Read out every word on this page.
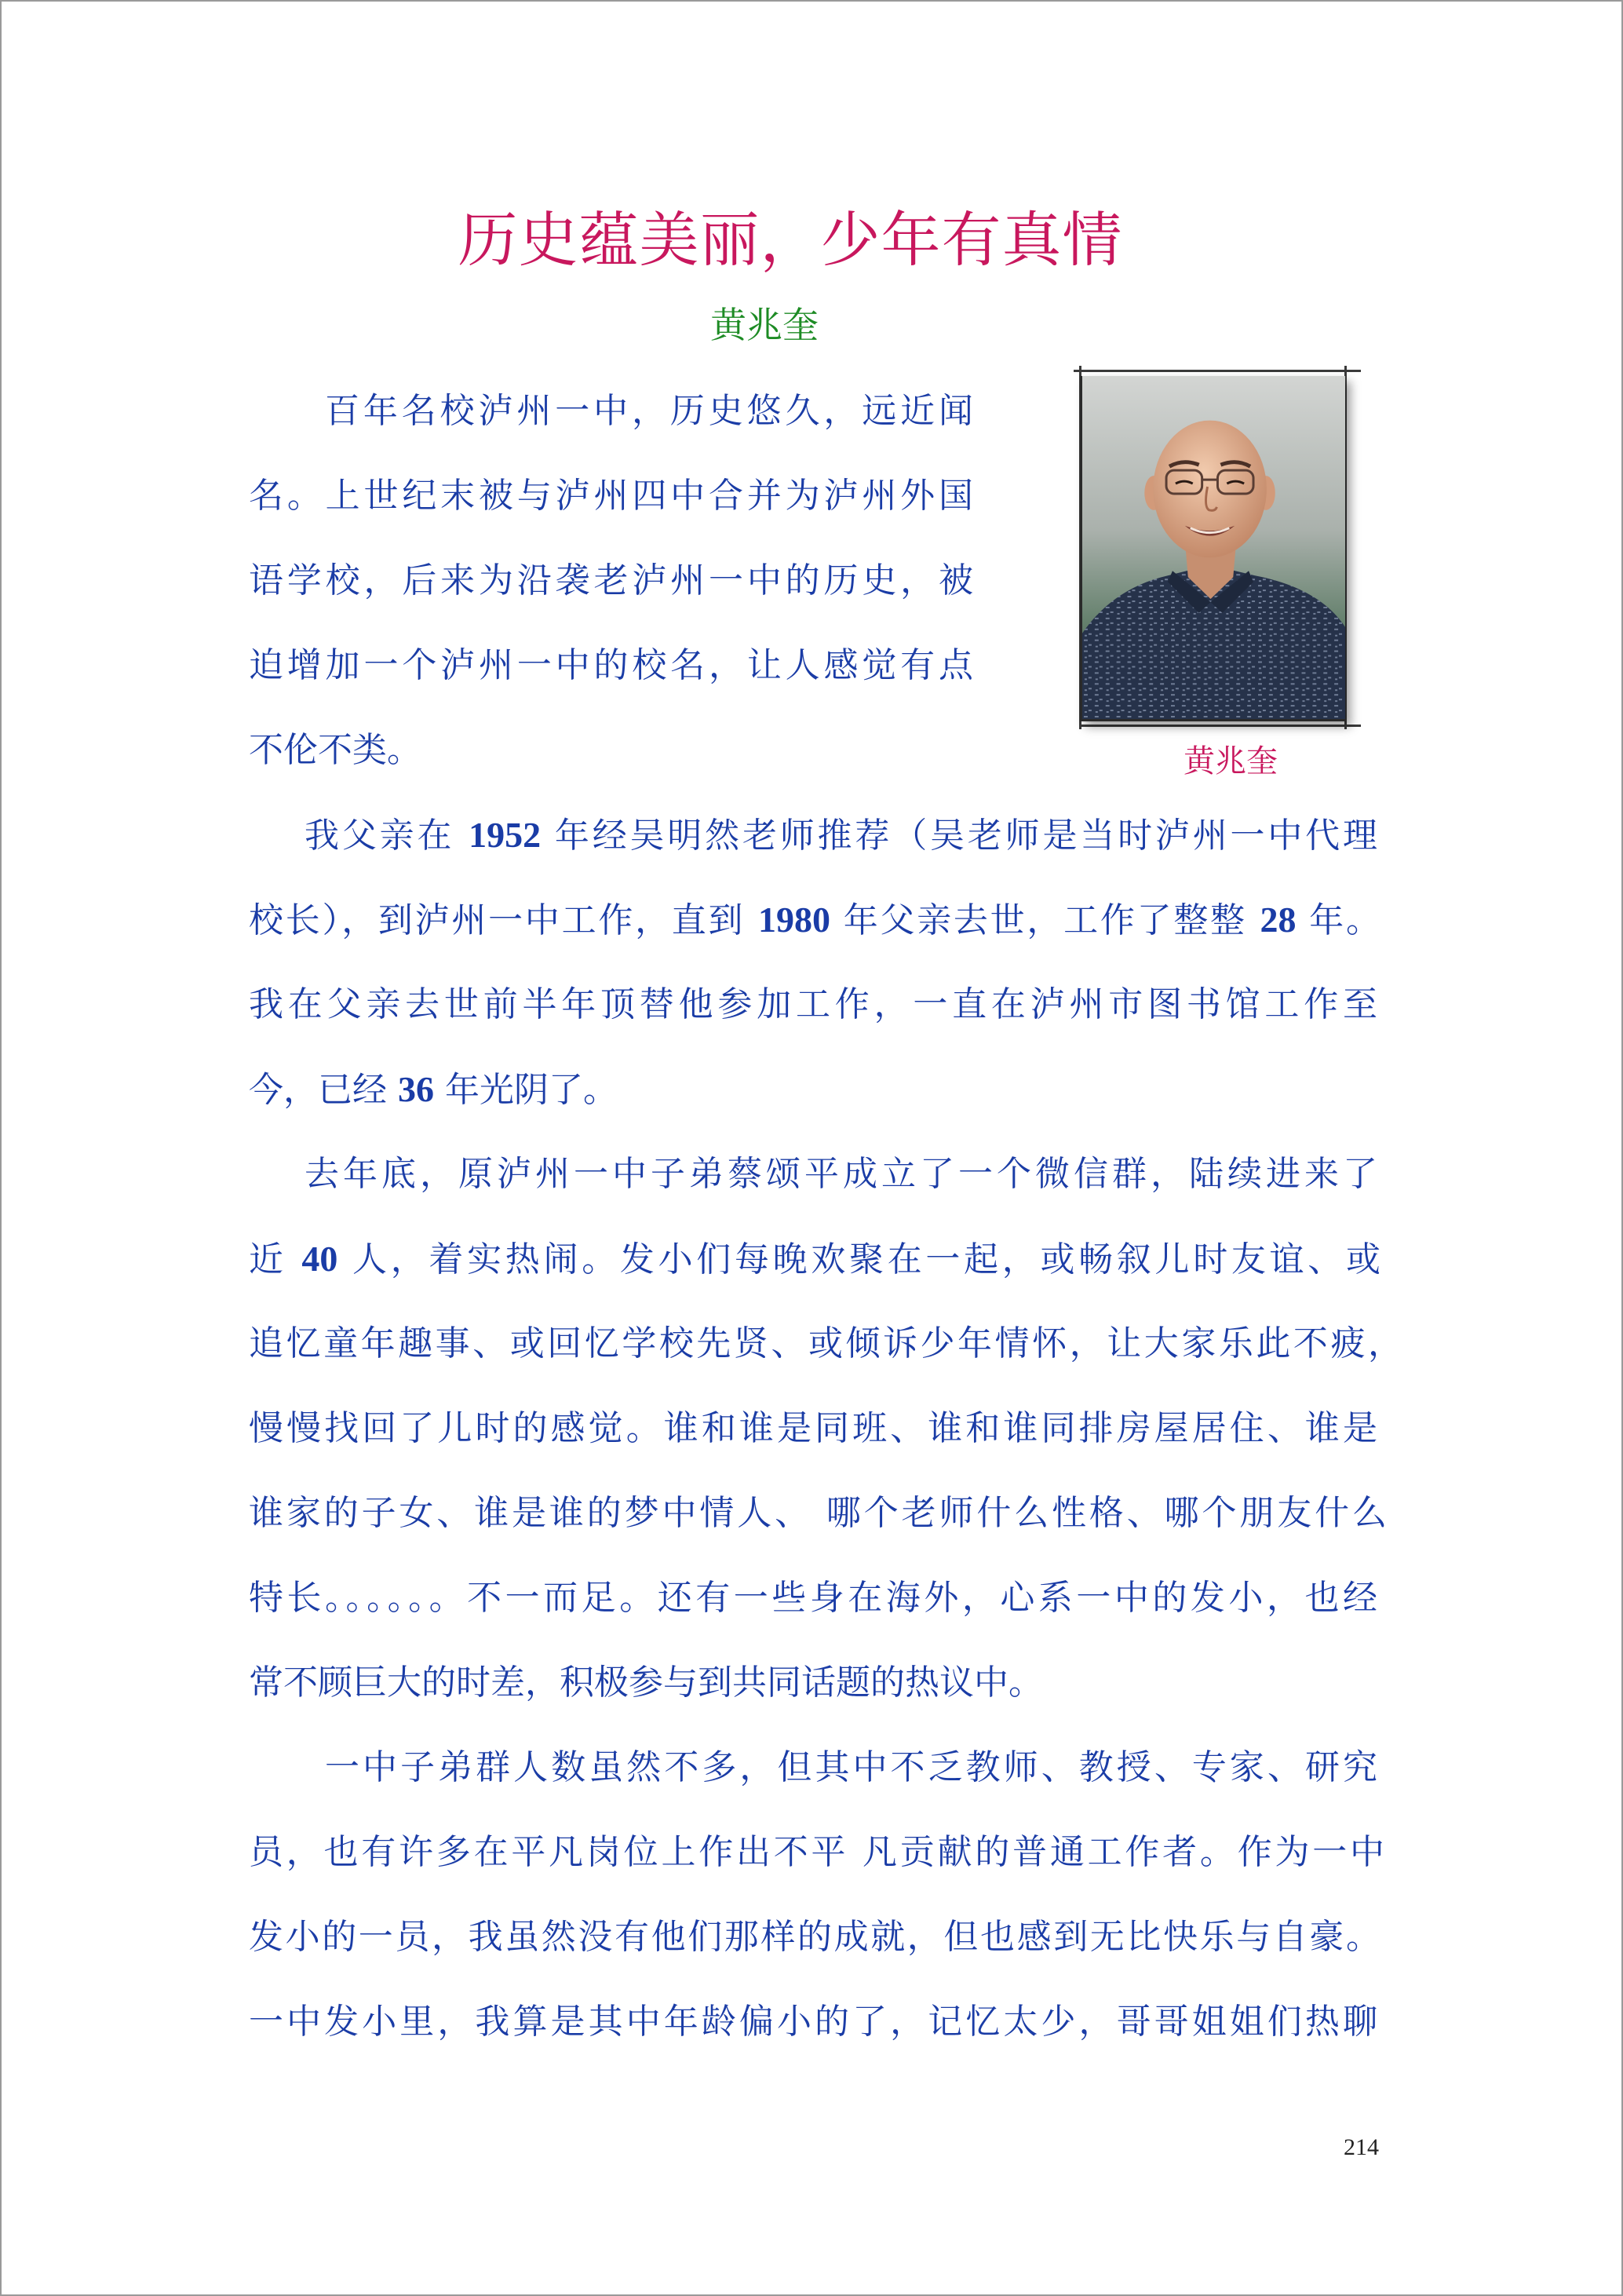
历史蕴美丽，少年有真情
黄兆奎
黄兆奎
百年名校泸州一中，历史悠久，远近闻
名。上世纪末被与泸州四中合并为泸州外国
语学校，后来为沿袭老泸州一中的历史，被
迫增加一个泸州一中的校名，让人感觉有点
不伦不类。
我父亲在 1952 年经吴明然老师推荐（吴老师是当时泸州一中代理
校长），到泸州一中工作，直到 1980 年父亲去世，工作了整整 28 年。
我在父亲去世前半年顶替他参加工作，一直在泸州市图书馆工作至
今，已经 36 年光阴了。
去年底，原泸州一中子弟蔡颂平成立了一个微信群，陆续进来了
近 40 人，着实热闹。发小们每晚欢聚在一起，或畅叙儿时友谊、或
追忆童年趣事、或回忆学校先贤、或倾诉少年情怀，让大家乐此不疲，
慢慢找回了儿时的感觉。谁和谁是同班、谁和谁同排房屋居住、谁是
谁家的子女、谁是谁的梦中情人、 哪个老师什么性格、哪个朋友什么
特长。。。。。。不一而足。还有一些身在海外，心系一中的发小，也经
常不顾巨大的时差，积极参与到共同话题的热议中。
一中子弟群人数虽然不多，但其中不乏教师、教授、专家、研究
员，也有许多在平凡岗位上作出不平 凡贡献的普通工作者。作为一中
发小的一员，我虽然没有他们那样的成就，但也感到无比快乐与自豪。
一中发小里，我算是其中年龄偏小的了，记忆太少，哥哥姐姐们热聊
214
